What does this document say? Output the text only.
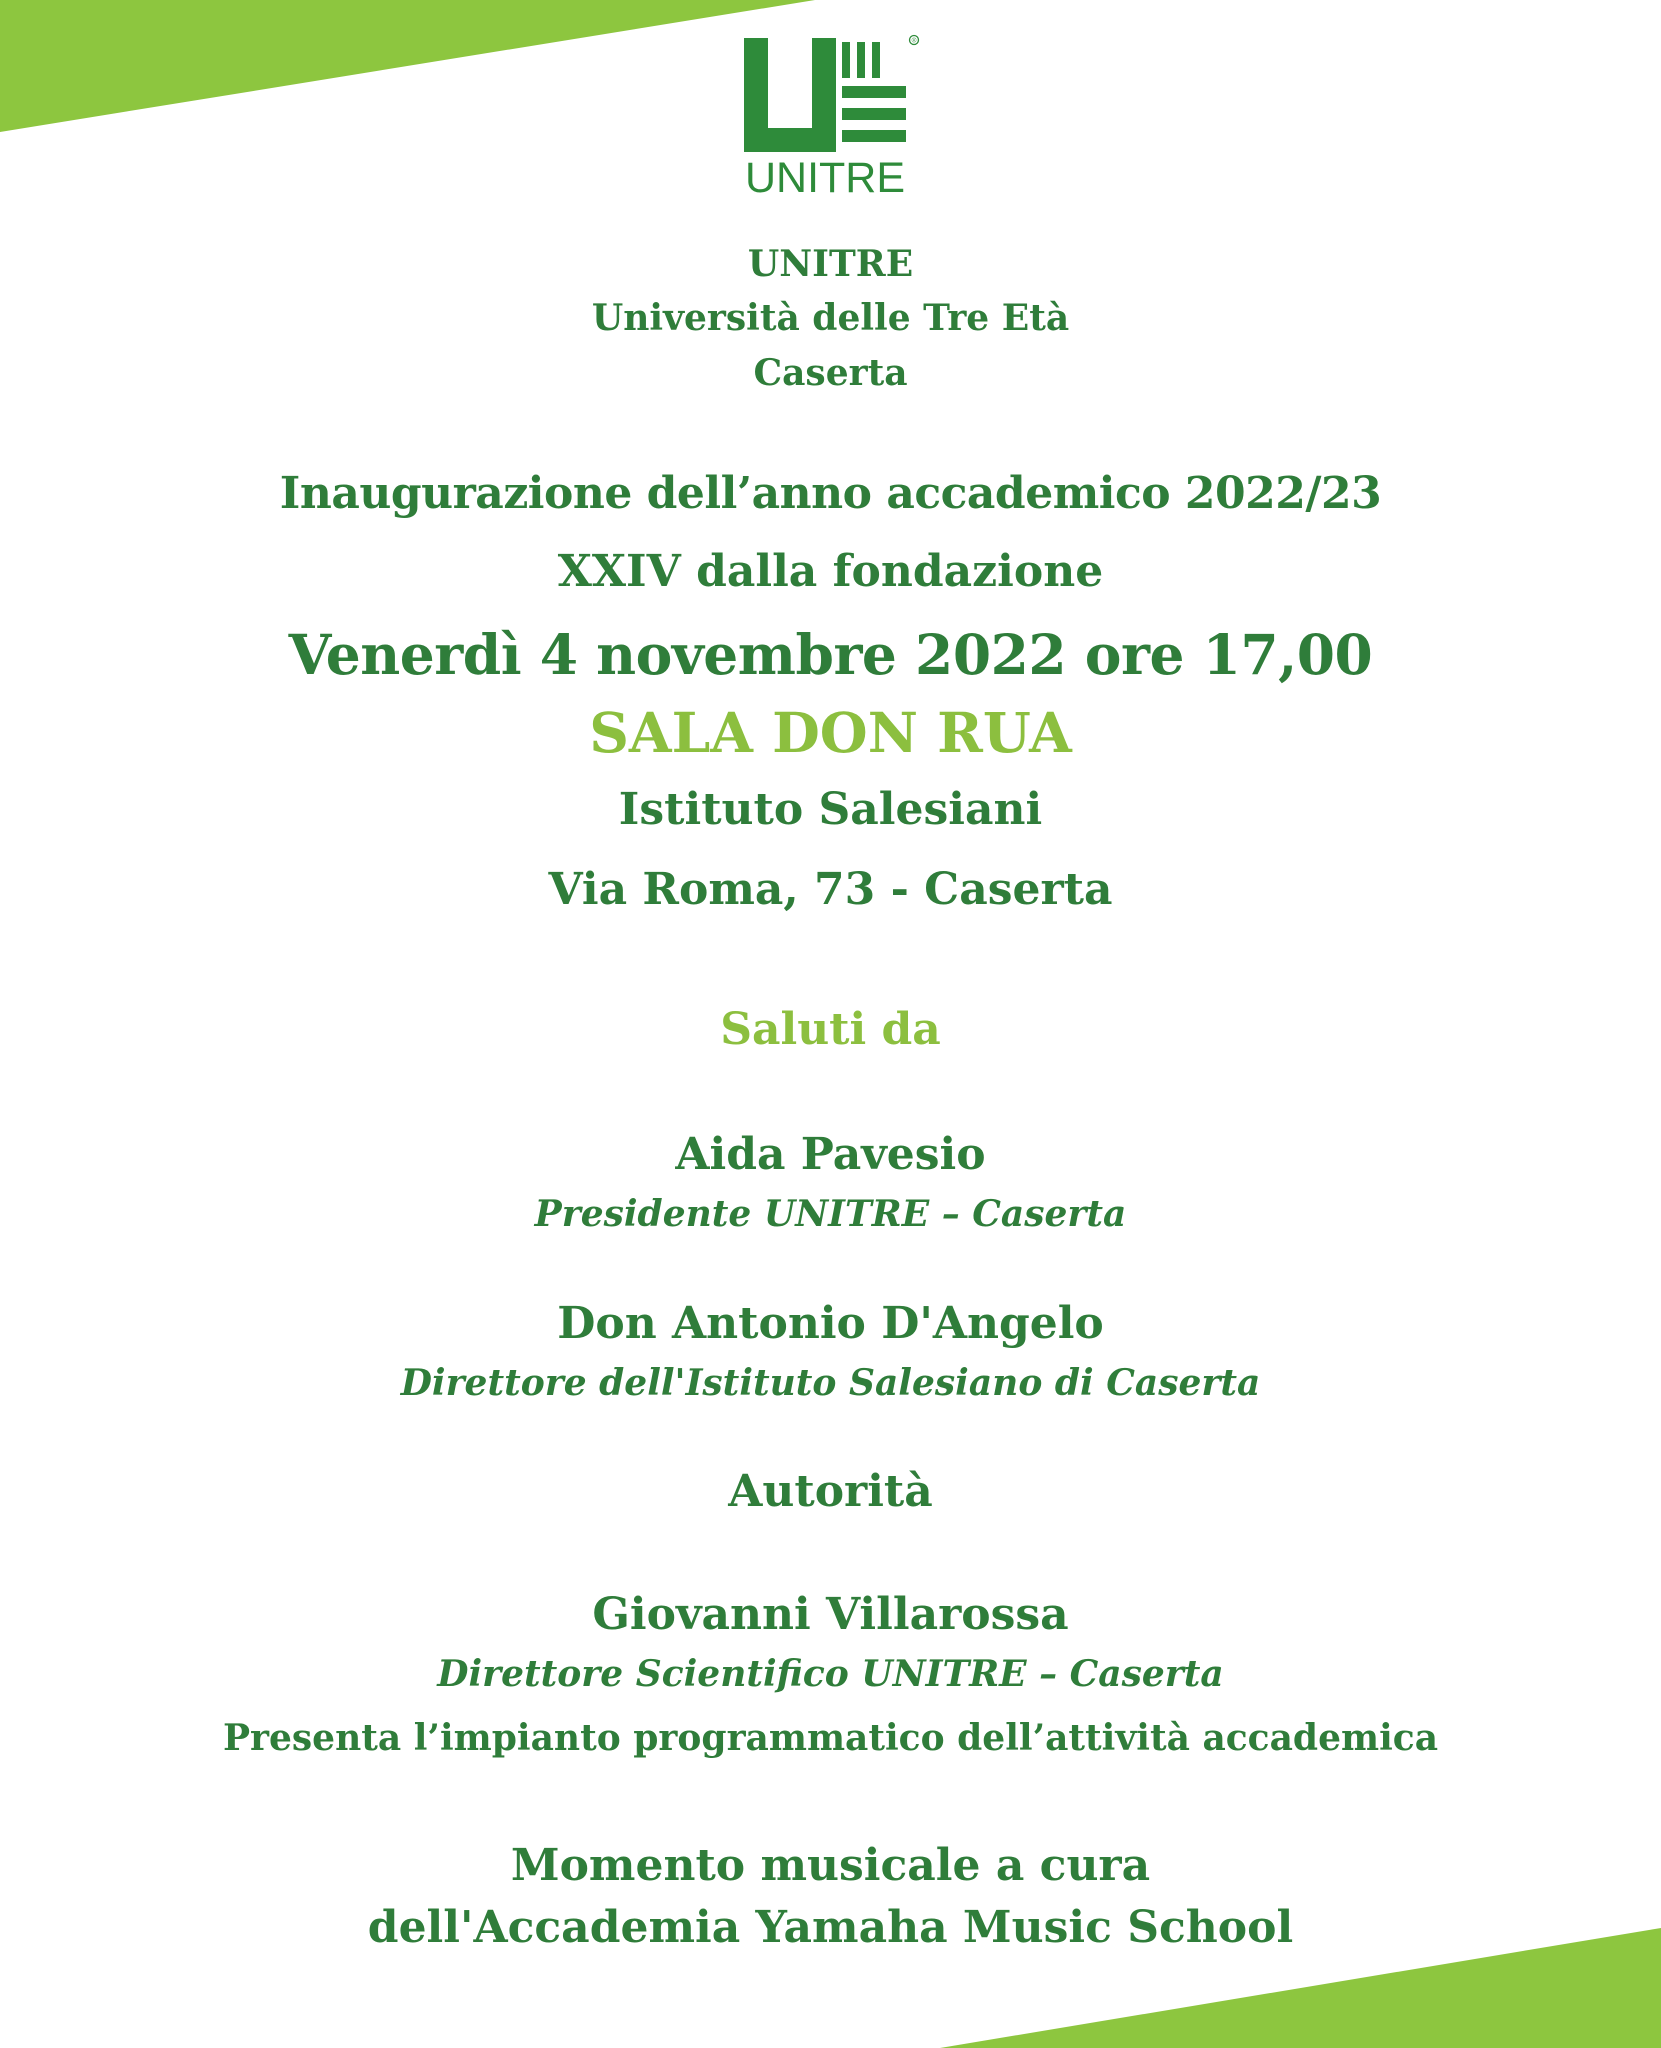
®
UNITRE
UNITRE
Università delle Tre Età
Caserta
Inaugurazione dell’anno accademico 2022/23
XXIV dalla fondazione
Venerdì 4 novembre 2022 ore 17,00
SALA DON RUA
Istituto Salesiani
Via Roma, 73 - Caserta
Saluti da
Aida Pavesio
Presidente UNITRE – Caserta
Don Antonio D'Angelo
Direttore dell'Istituto Salesiano di Caserta
Autorità
Giovanni Villarossa
Direttore Scientifico UNITRE – Caserta
Presenta l’impianto programmatico dell’attività accademica
Momento musicale a cura
dell'Accademia Yamaha Music School
